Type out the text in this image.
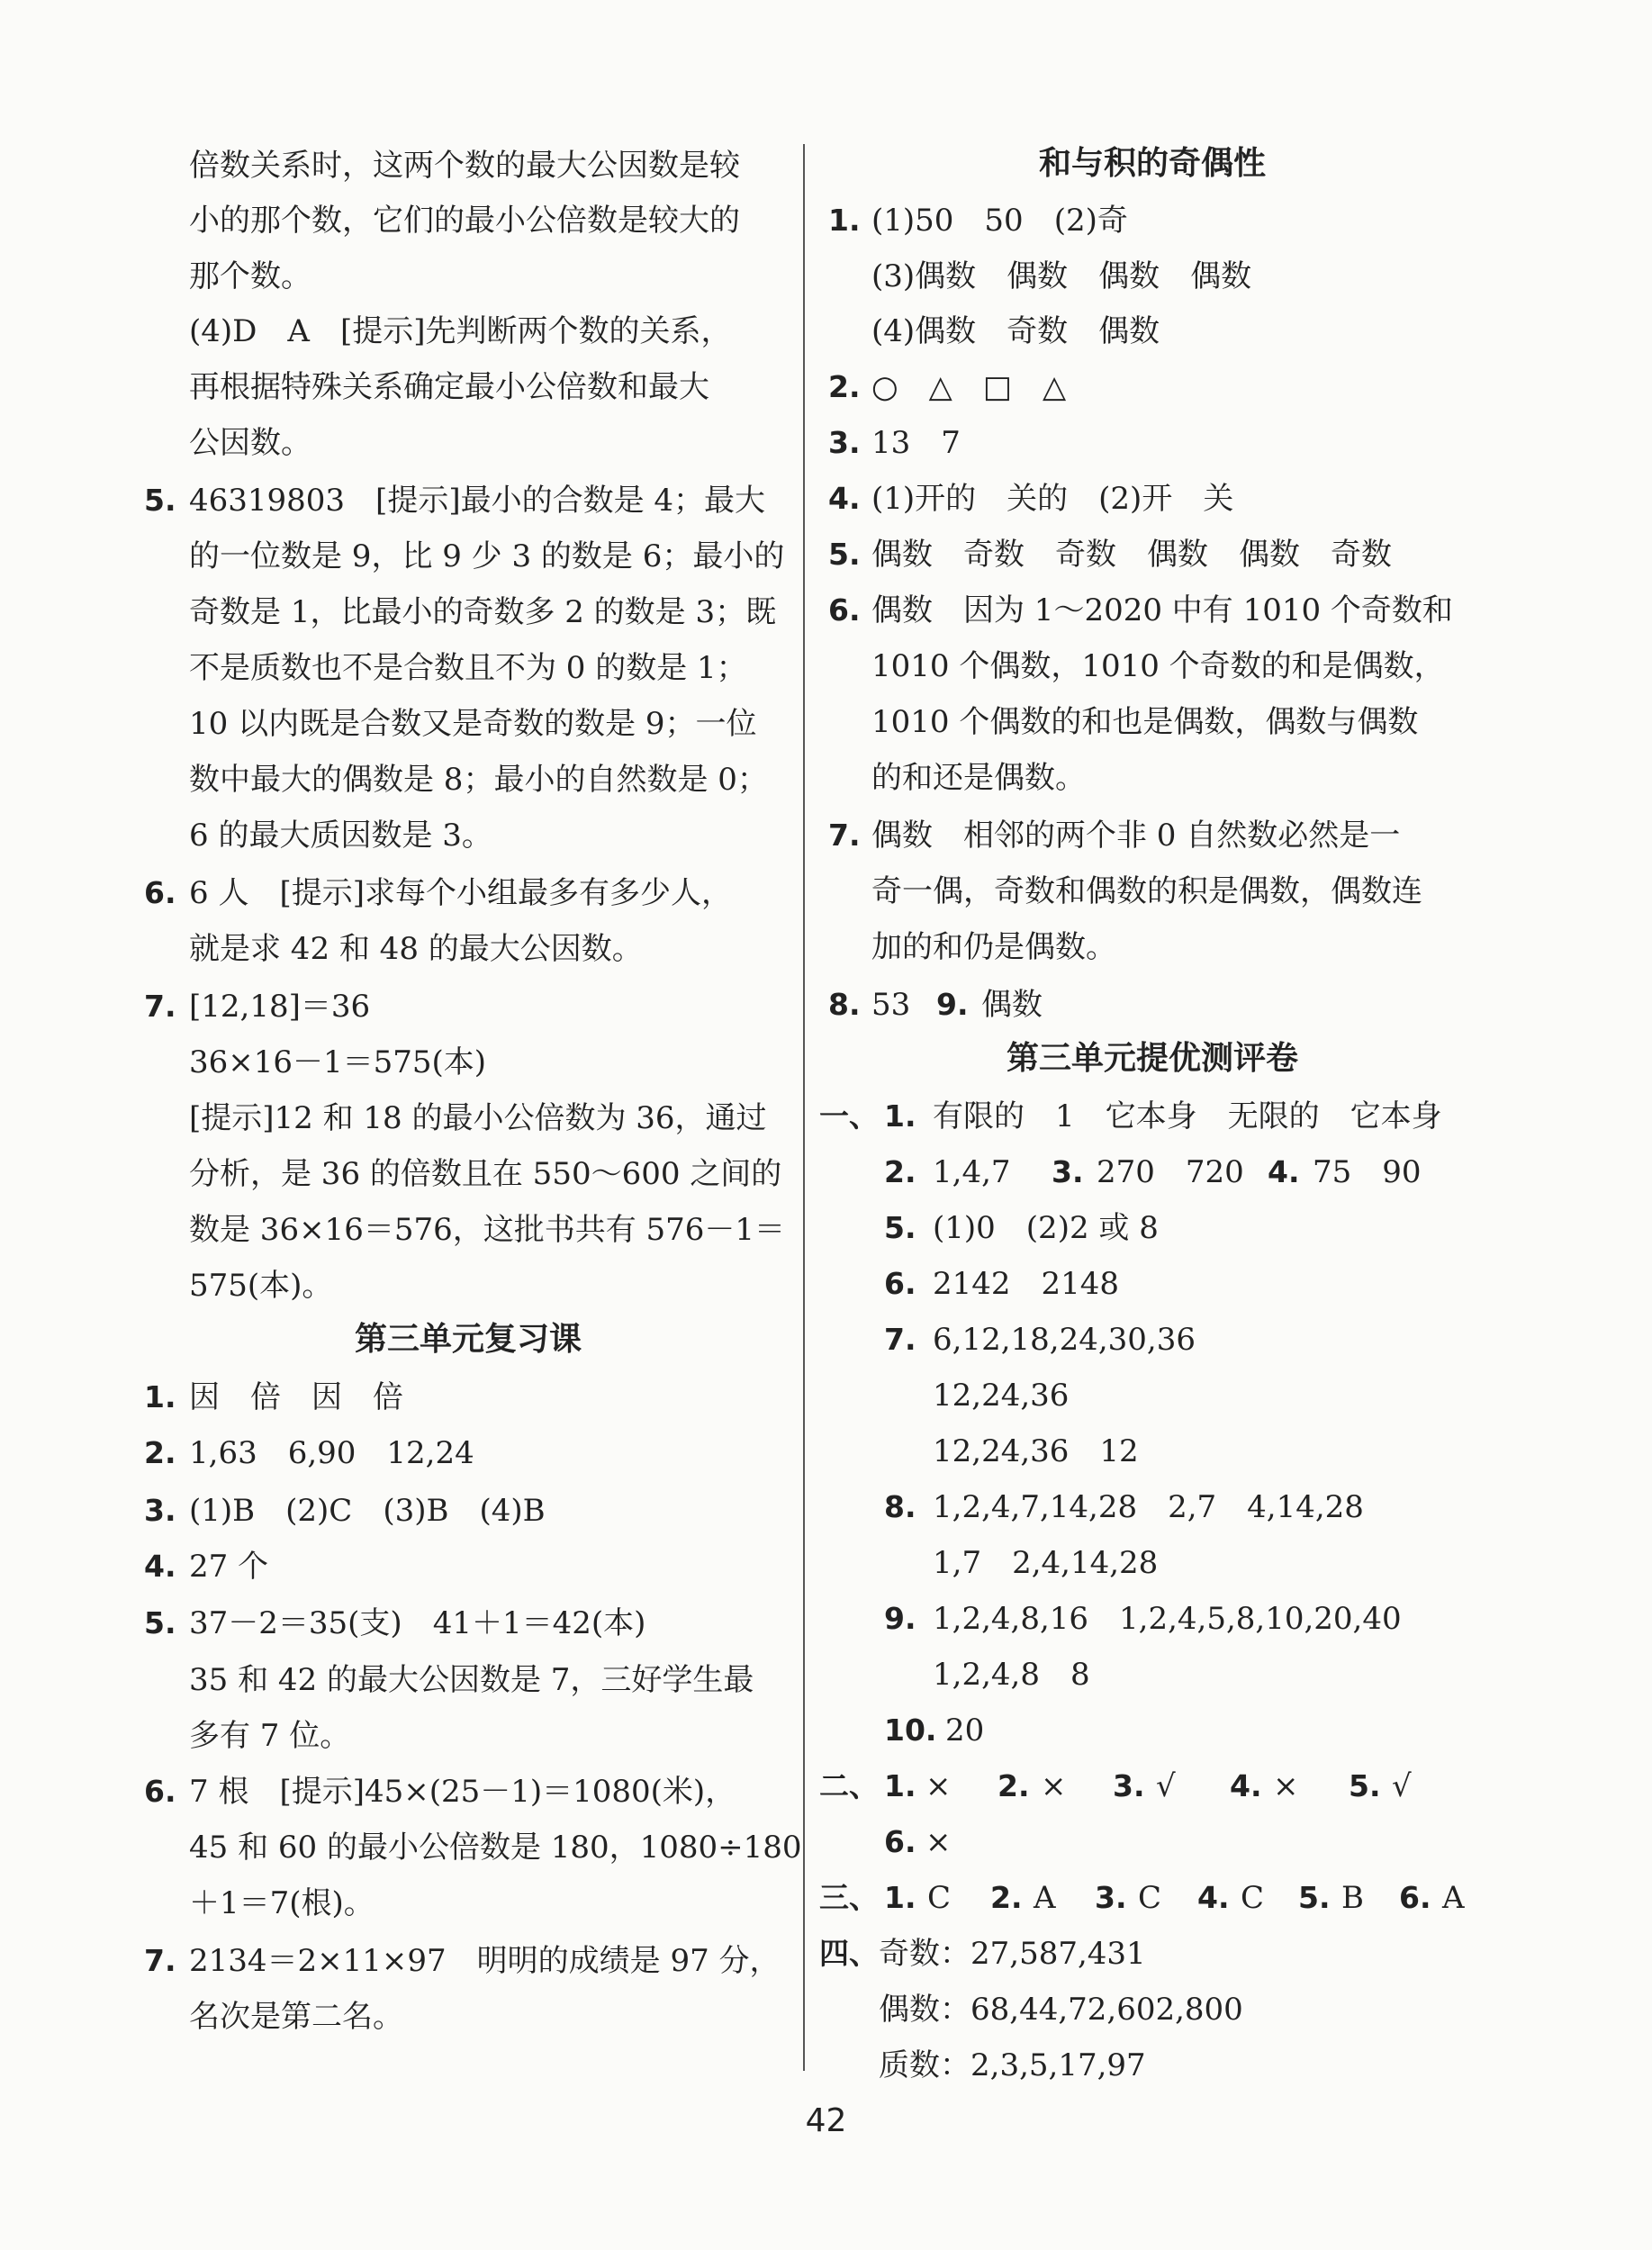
倍数关系时，这两个数的最大公因数是较
小的那个数，它们的最小公倍数是较大的
那个数。
(4)D　A　[提示]先判断两个数的关系，
再根据特殊关系确定最小公倍数和最大
公因数。
5. 46319803　[提示]最小的合数是 4；最大
的一位数是 9，比 9 少 3 的数是 6；最小的
奇数是 1，比最小的奇数多 2 的数是 3；既
不是质数也不是合数且不为 0 的数是 1；
10 以内既是合数又是奇数的数是 9；一位
数中最大的偶数是 8；最小的自然数是 0；
6 的最大质因数是 3。
6. 6 人　[提示]求每个小组最多有多少人，
就是求 42 和 48 的最大公因数。
7. [12,18]＝36
36×16－1＝575(本)
[提示]12 和 18 的最小公倍数为 36，通过
分析，是 36 的倍数且在 550～600 之间的
数是 36×16＝576，这批书共有 576－1＝
575(本)。
第三单元复习课
1. 因　倍　因　倍
2. 1,63　6,90　12,24
3. (1)B　(2)C　(3)B　(4)B
4. 27 个
5. 37－2＝35(支)　41＋1＝42(本)
35 和 42 的最大公因数是 7，三好学生最
多有 7 位。
6. 7 根　[提示]45×(25－1)＝1080(米)，
45 和 60 的最小公倍数是 180，1080÷180
＋1＝7(根)。
7. 2134＝2×11×97　明明的成绩是 97 分，
名次是第二名。
和与积的奇偶性
1. (1)50　50　(2)奇
(3)偶数　偶数　偶数　偶数
(4)偶数　奇数　偶数
2. ○　△　□　△
3. 13　7
4. (1)开的　关的　(2)开　关
5. 偶数　奇数　奇数　偶数　偶数　奇数
6. 偶数　因为 1～2020 中有 1010 个奇数和
1010 个偶数，1010 个奇数的和是偶数，
1010 个偶数的和也是偶数，偶数与偶数
的和还是偶数。
7. 偶数　相邻的两个非 0 自然数必然是一
奇一偶，奇数和偶数的积是偶数，偶数连
加的和仍是偶数。
8. 53 9. 偶数
第三单元提优测评卷
一、 1. 有限的　1　它本身　无限的　它本身
2. 1,4,7 3. 270　720 4. 75　90
5. (1)0　(2)2 或 8
6. 2142　2148
7. 6,12,18,24,30,36
12,24,36
12,24,36　12
8. 1,2,4,7,14,28　2,7　4,14,28
1,7　2,4,14,28
9. 1,2,4,8,16　1,2,4,5,8,10,20,40
1,2,4,8　8
10. 20
二、 1. × 2. × 3. √ 4. × 5. √
6. ×
三、 1. C 2. A 3. C 4. C 5. B 6. A
四、 奇数：27,587,431
偶数：68,44,72,602,800
质数：2,3,5,17,97
42
